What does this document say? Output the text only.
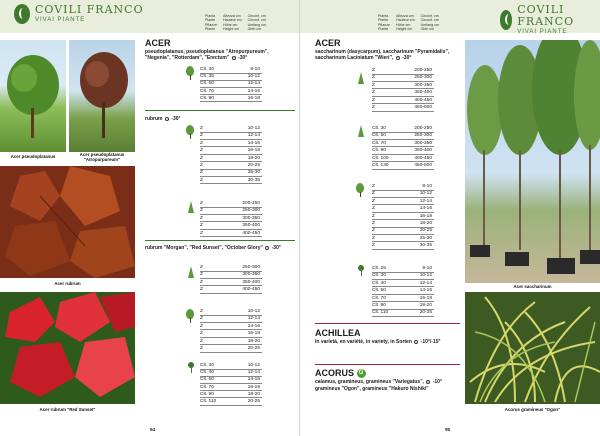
COVILI FRANCO
VIVAI PIANTE
Pianta
Plante
Pflanze
Plante
Altezza cm
Hauteur cm
Höhe cm
Height cm
Circonf. cm
Circonf. cm
Umfang cm
Girth cm
Acer pseudoplatanus	Acer pseudoplatanus "Atropurpureum"
Acer rubrum
Acer rubrum "Red Sunset"
ACER
pseudoplatanus, pseudoplatanus "Atropurpureum", "Negenia", "Rotterdam", "Erectum" -30°
Clt. 30	8-10
Clt. 35	10-12
Clt. 50	12-14
Clt. 70	14-16
Clt. 90	16-18
rubrum -30°
Z	10-12
Z	12-14
Z	14-16
Z	16-18
Z	18-20
Z	20-25
Z	25-30
Z	30-35
Z	200-250
Z	250-300
Z	300-350
Z	350-400
Z	400-450
rubrum "Morgan", "Red Sunset", "October Glory" -30°
Z	250-300
Z	300-350
Z	350-400
Z	400-450
Z	10-12
Z	12-14
Z	14-16
Z	16-18
Z	18-20
Z	20-25
Clt. 30	10-12
Clt. 40	12-14
Clt. 50	14-16
Clt. 70	16-18
Clt. 90	18-20
Clt. 110	20-25
94
Pianta
Plante
Pflanze
Plante
Altezza cm
Hauteur cm
Höhe cm
Height cm
Circonf. cm
Circonf. cm
Umfang cm
Girth cm
COVILI FRANCO
VIVAI PIANTE
ACER
saccharinum (dasycarpum), saccharinum "Pyramidalis", saccharinum Laciniatum "Wieri", -30°
Z	200-250
Z	250-300
Z	300-350
Z	350-400
Z	400-450
Z	450-500
Clt. 30	200-250
Clt. 50	250-300
Clt. 70	300-350
Clt. 90	350-400
Clt. 100	400-450
Clt. 130	450-500
Z	8-10
Z	10-12
Z	12-14
Z	14-16
Z	16-18
Z	18-20
Z	20-25
Z	25-30
Z	30-35
Clt. 25	8-10
Clt. 30	10-12
Clt. 40	12-14
Clt. 50	14-16
Clt. 70	16-18
Clt. 90	18-20
Clt. 110	20-25
ACHILLEA
in varietà, en variété, in variety, in Sorten -10°/-15°
ACORUS G
calamus, gramineus, gramineus "Variegatus", -10°
gramineus "Ogon", gramineus "Hakuro Nishiki"
Acer saccharinum
Acorus gramineus "Ogon"
95
